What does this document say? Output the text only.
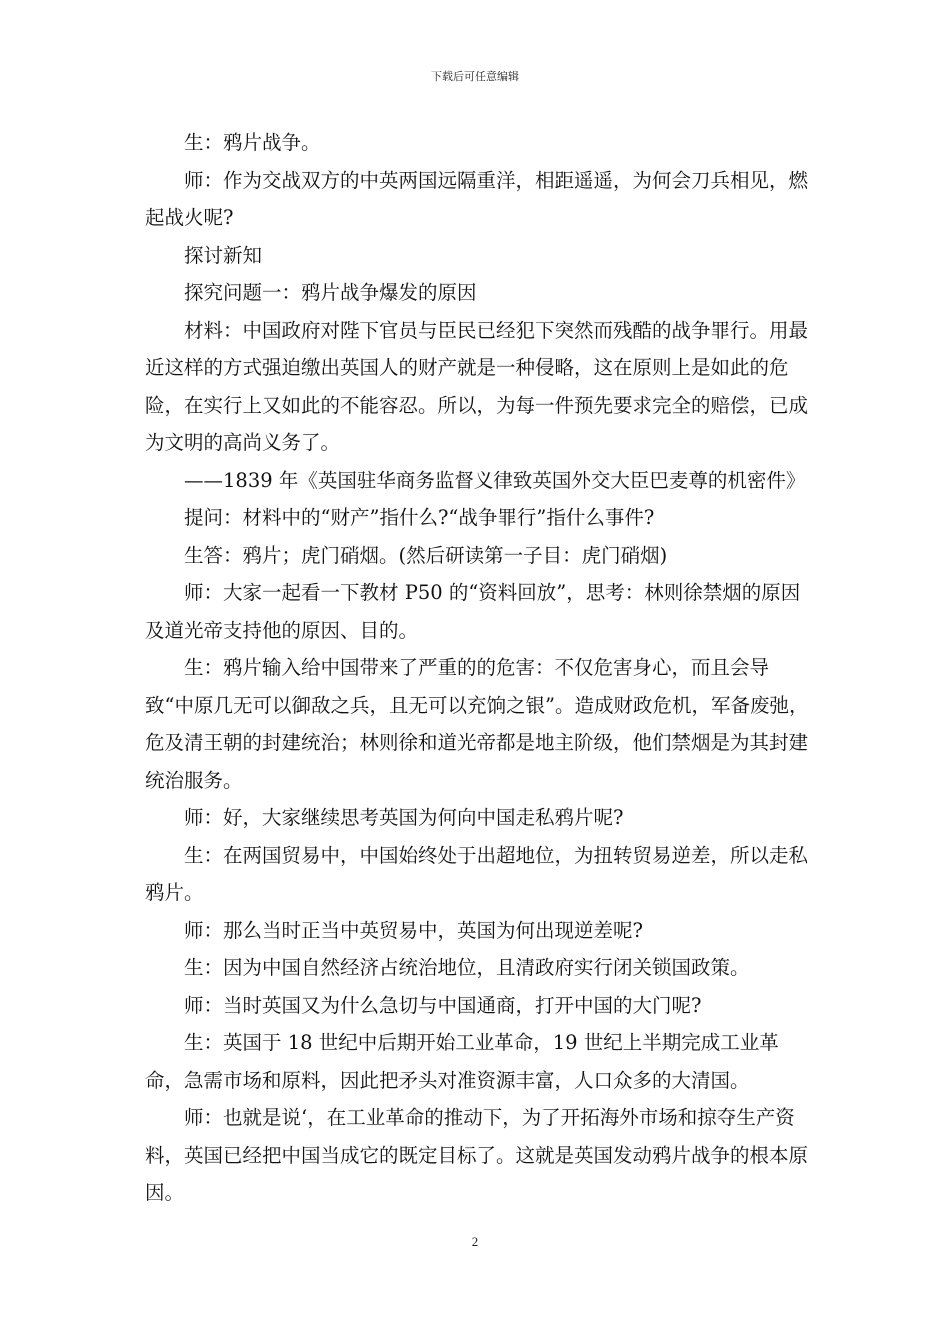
下载后可任意编辑

生：鸦片战争。

师：作为交战双方的中英两国远隔重洋，相距遥遥，为何会刀兵相见，燃起战火呢?

探讨新知

探究问题一：鸦片战争爆发的原因

材料：中国政府对陛下官员与臣民已经犯下突然而残酷的战争罪行。用最近这样的方式强迫缴出英国人的财产就是一种侵略，这在原则上是如此的危险，在实行上又如此的不能容忍。所以，为每一件预先要求完全的赔偿，已成为文明的高尚义务了。

——1839 年《英国驻华商务监督义律致英国外交大臣巴麦尊的机密件》

提问：材料中的“财产”指什么?“战争罪行”指什么事件?

生答：鸦片；虎门硝烟。(然后研读第一子目：虎门硝烟)

师：大家一起看一下教材 P50 的“资料回放”，思考：林则徐禁烟的原因及道光帝支持他的原因、目的。

生：鸦片输入给中国带来了严重的的危害：不仅危害身心，而且会导致“中原几无可以御敌之兵，且无可以充饷之银”。造成财政危机，军备废弛，危及清王朝的封建统治；林则徐和道光帝都是地主阶级，他们禁烟是为其封建统治服务。

师：好，大家继续思考英国为何向中国走私鸦片呢?

生：在两国贸易中，中国始终处于出超地位，为扭转贸易逆差，所以走私鸦片。

师：那么当时正当中英贸易中，英国为何出现逆差呢?

生：因为中国自然经济占统治地位，且清政府实行闭关锁国政策。

师：当时英国又为什么急切与中国通商，打开中国的大门呢?

生：英国于 18 世纪中后期开始工业革命，19 世纪上半期完成工业革命，急需市场和原料，因此把矛头对准资源丰富，人口众多的大清国。

师：也就是说‘，在工业革命的推动下，为了开拓海外市场和掠夺生产资料，英国已经把中国当成它的既定目标了。这就是英国发动鸦片战争的根本原因。

2
